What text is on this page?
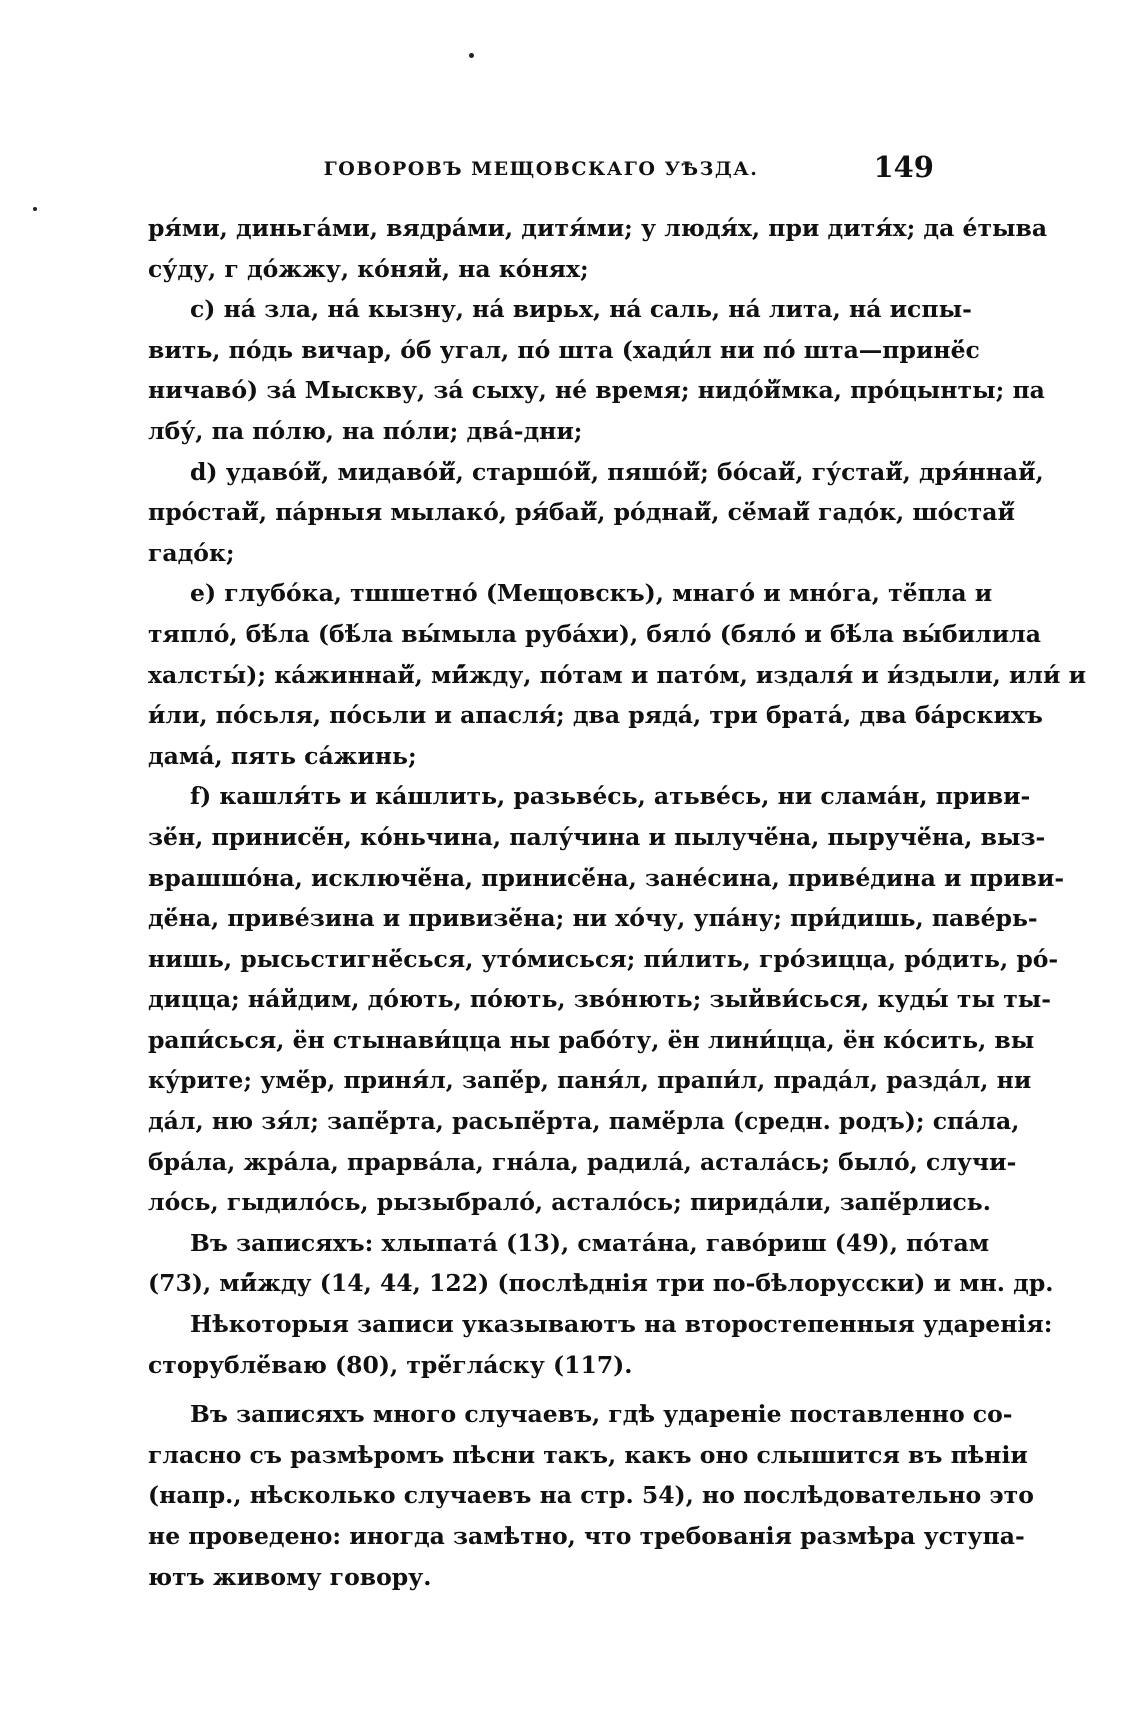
ГОВОРОВЪ МЕЩОВСКАГО УѢЗДА.	149
ря́ми, диньга́ми, вядра́ми, дитя́ми; у людя́х, при дитя́х; да е́тыва
су́ду, г до́жжу, ко́няй, на ко́нях;
с) на́ зла, на́ кызну, на́ вирьх, на́ саль, на́ лита, на́ испы-
вить, по́дь вичар, о́б угал, по́ шта (хади́л ни по́ шта—принё́с
ничаво́) за́ Мыскву, за́ сыху, не́ время; нидо́й̋мка, про́цынты; па
лбу́, па по́лю, на по́ли; два́-дни;
d) удаво́й̋, мидаво́й̋, старшо́й̋, пяшо́й̋; бо́сай̋, гу́стай̋, дря́ннай̋,
про́стай̋, па́рныя мылако́, ря́бай̋, ро́днай̋, сё́май̋ гадо́к, шо́стай̋
гадо́к;
е) глубо́ка, тшшетно́ (Мещовскъ), мнаго́ и мно́га, тё́пла и
тяпло́, бѣ́ла (бѣ́ла вы́мыла руба́хи), бяло́ (бяло́ и бѣ́ла вы́билила
халсты́); ка́жиннай̋, ми́̋жду, по́там и пато́м, издаля́ и и́здыли, или́ и
и́ли, по́сьля, по́сьли и апасля́; два ряда́, три брата́, два ба́рскихъ
дама́, пять са́жинь;
f) кашля́ть и ка́шлить, разьве́сь, атьве́сь, ни слама́н, приви-
зё́н, принисё́н, ко́ньчина, палу́чина и пылучё́на, пыручё́на, выз-
врашшо́на, исключё́на, принисё́на, зане́сина, приве́дина и приви-
дё́на, приве́зина и привизё́на; ни хо́чу, упа́ну; при́дишь, паве́рь-
нишь, рысьстигнё́сься, уто́мисься; пи́лить, гро́зицца, ро́дить, ро́-
дицца; на́йдим, до́ють, по́ють, зво́нють; зыйви́сься, куды́ ты ты-
рапи́сься, ён стынави́цца ны рабо́ту, ён лини́цца, ён ко́сить, вы
ку́рите; умё́р, приня́л, запё́р, паня́л, прапи́л, прада́л, разда́л, ни
да́л, ню зя́л; запё́рта, расьпё́рта, памё́рла (средн. родъ); спа́ла,
бра́ла, жра́ла, прарва́ла, гна́ла, радила́, астала́сь; было́, случи-
ло́сь, гыдило́сь, рызыбрало́, астало́сь; пирида́ли, запё́рлись.
Въ записяхъ: хлыпата́ (13), смата́на, гаво́риш (49), по́там
(73), ми́̋жду (14, 44, 122) (послѣднія три по-бѣлорусски) и мн. др.
Нѣкоторыя записи указываютъ на второстепенныя ударенія:
сторублё́ваю (80), трё́гла́ску (117).
Въ записяхъ много случаевъ, гдѣ удареніе поставленно со-
гласно съ размѣромъ пѣсни такъ, какъ оно слышится въ пѣніи
(напр., нѣсколько случаевъ на стр. 54), но послѣдовательно это
не проведено: иногда замѣтно, что требованія размѣра уступа-
ютъ живому говору.
